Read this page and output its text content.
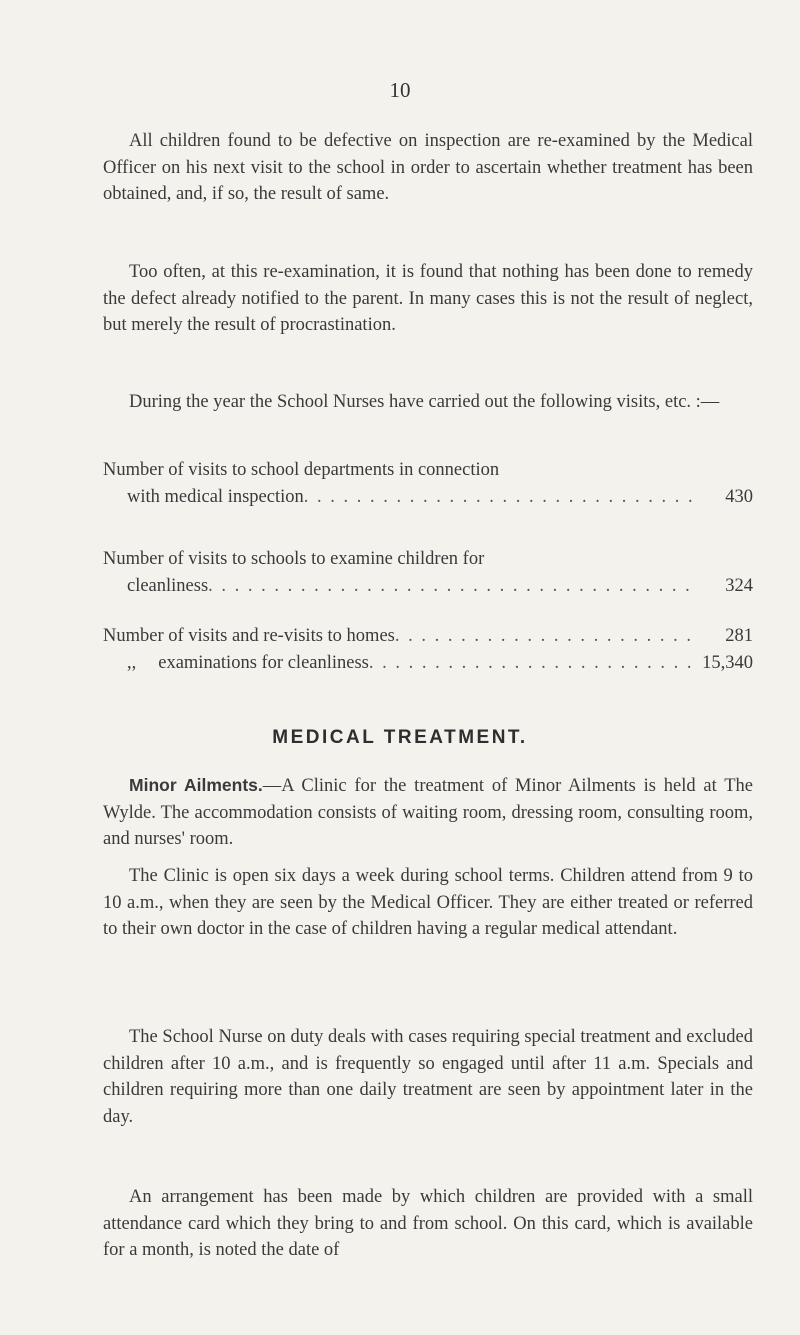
10

All children found to be defective on inspection are re-examined by the Medical Officer on his next visit to the school in order to ascertain whether treatment has been obtained, and, if so, the result of same.

Too often, at this re-examination, it is found that nothing has been done to remedy the defect already notified to the parent. In many cases this is not the result of neglect, but merely the result of procrastination.

During the year the School Nurses have carried out the following visits, etc. :—

Number of visits to school departments in connection
with medical inspection . . .	430
Number of visits to schools to examine children for
cleanliness . . .	324
Number of visits and re-visits to homes . . .	281
,, examinations for cleanliness . . .	15,340
MEDICAL TREATMENT.

Minor Ailments.—A Clinic for the treatment of Minor Ailments is held at The Wylde. The accommodation consists of waiting room, dressing room, consulting room, and nurses' room.

The Clinic is open six days a week during school terms. Children attend from 9 to 10 a.m., when they are seen by the Medical Officer. They are either treated or referred to their own doctor in the case of children having a regular medical attendant.

The School Nurse on duty deals with cases requiring special treatment and excluded children after 10 a.m., and is frequently so engaged until after 11 a.m. Specials and children requiring more than one daily treatment are seen by appointment later in the day.

An arrangement has been made by which children are provided with a small attendance card which they bring to and from school. On this card, which is available for a month, is noted the date of
